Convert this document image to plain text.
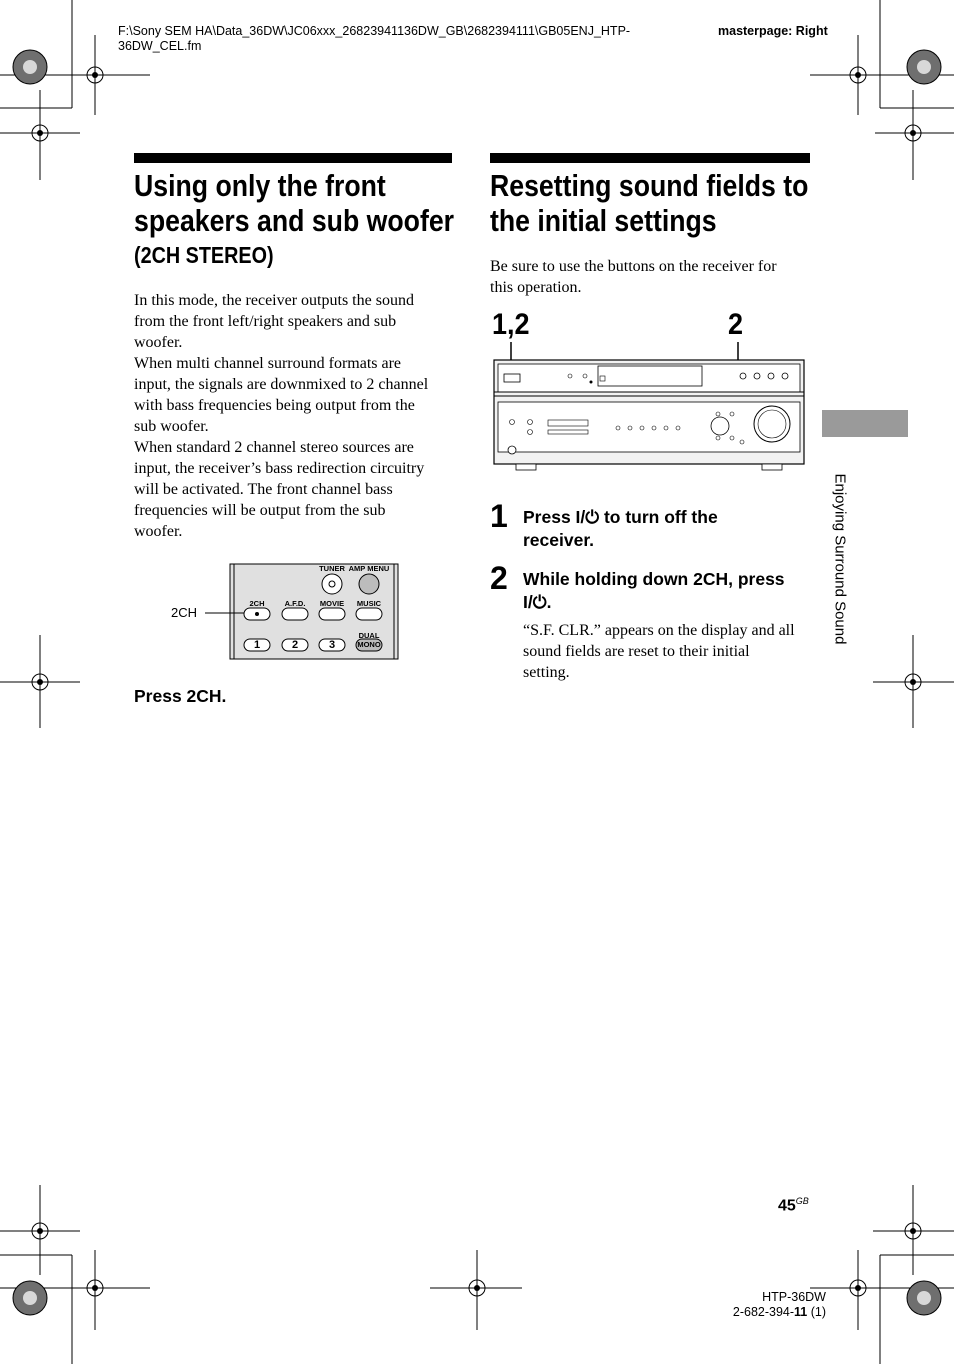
F:\Sony SEM HA\Data_36DW\JC06xxx_26823941136DW_GB\2682394111\GB05ENJ_HTP-36DW_CEL.fm
masterpage: Right
Using only the front
speakers and sub woofer
(2CH STEREO)
In this mode, the receiver outputs the sound
from the front left/right speakers and sub
woofer.
When multi channel surround formats are
input, the signals are downmixed to 2 channel
with bass frequencies being output from the
sub woofer.
When standard 2 channel stereo sources are
input, the receiver’s bass redirection circuitry
will be activated. The front channel bass
frequencies will be output from the sub
woofer.
2CH
TUNER AMP MENU
2CH	A.F.D.	MOVIE	MUSIC
DUAL MONO
1	2	3
Press 2CH.
Resetting sound fields to
the initial settings
Be sure to use the buttons on the receiver for
this operation.
1,2	2
1 Press I/⏻ to turn off the
receiver.
2 While holding down 2CH, press
I/⏻.
“S.F. CLR.” appears on the display and all
sound fields are reset to their initial
setting.
Enjoying Surround Sound
$45^{GB}$
HTP-36DW
2-682-394-11 (1)
